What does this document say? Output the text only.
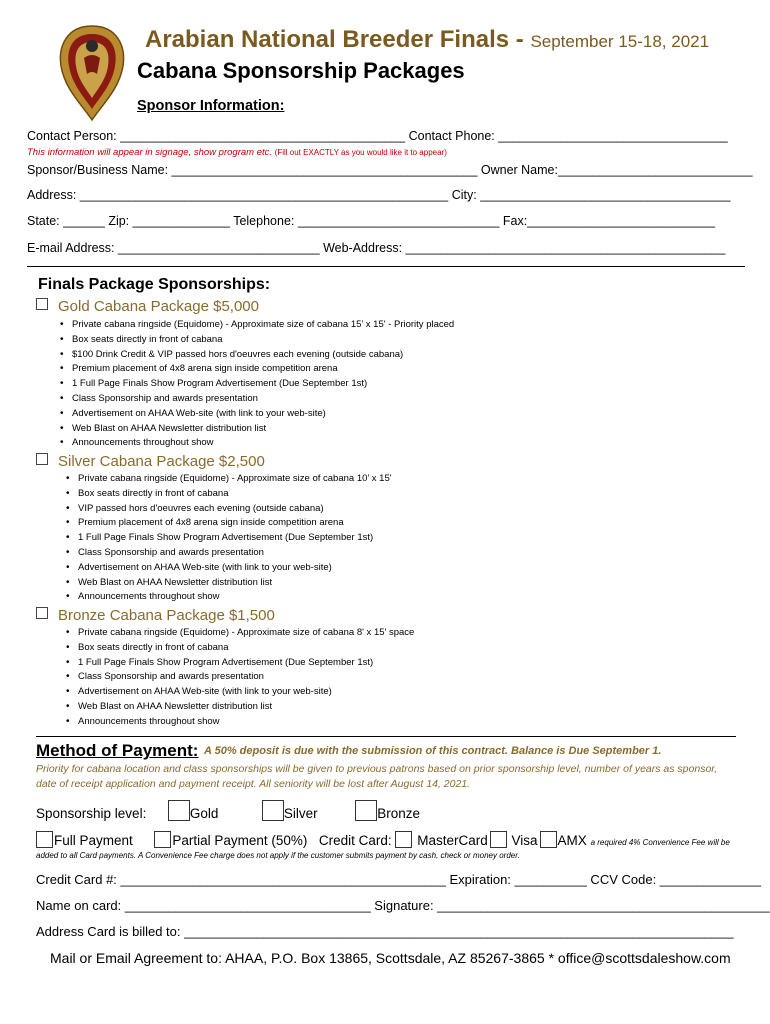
Arabian National Breeder Finals - September 15-18, 2021
Cabana Sponsorship Packages
Sponsor Information:
Contact Person: _________________________________________ Contact Phone: _________________________________
This information will appear in signage, show program etc. (Fill out EXACTLY as you would like it to appear)
Sponsor/Business Name: ____________________________________________ Owner Name:____________________________
Address: _____________________________________________________ City: ____________________________________
State: ______ Zip: ______________ Telephone: _____________________________ Fax:___________________________
E-mail Address: _____________________________ Web-Address: ______________________________________________
Finals Package Sponsorships:
Gold Cabana Package $5,000
• Private cabana ringside (Equidome) - Approximate size of cabana 15’ x 15' - Priority placed
• Box seats directly in front of cabana
• $100 Drink Credit & VIP passed hors d'oeuvres each evening (outside cabana)
• Premium placement of 4x8 arena sign inside competition arena
• 1 Full Page Finals Show Program Advertisement (Due September 1st)
• Class Sponsorship and awards presentation
• Advertisement on AHAA Web-site (with link to your web-site)
• Web Blast on AHAA Newsletter distribution list
• Announcements throughout show
Silver Cabana Package $2,500
• Private cabana ringside (Equidome) - Approximate size of cabana 10’ x 15'
• Box seats directly in front of cabana
• VIP passed hors d'oeuvres each evening (outside cabana)
• Premium placement of 4x8 arena sign inside competition arena
• 1 Full Page Finals Show Program Advertisement (Due September 1st)
• Class Sponsorship and awards presentation
• Advertisement on AHAA Web-site (with link to your web-site)
• Web Blast on AHAA Newsletter distribution list
• Announcements throughout show
Bronze Cabana Package $1,500
• Private cabana ringside (Equidome) - Approximate size of cabana 8' x 15' space
• Box seats directly in front of cabana
• 1 Full Page Finals Show Program Advertisement (Due September 1st)
• Class Sponsorship and awards presentation
• Advertisement on AHAA Web-site (with link to your web-site)
• Web Blast on AHAA Newsletter distribution list
• Announcements throughout show
Method of Payment: A 50% deposit is due with the submission of this contract. Balance is Due September 1.
Priority for cabana location and class sponsorships will be given to previous patrons based on prior sponsorship level, number of years as sponsor, date of receipt application and payment receipt. All seniority will be lost after August 14, 2021.
Sponsorship level:	Gold	Silver	Bronze
Full Payment	Partial Payment (50%) Credit Card: MasterCard Visa AMX a required 4% Convenience Fee will be
added to all Card payments. A Convenience Fee charge does not apply if the customer submits payment by cash, check or money order.
Credit Card #: _____________________________________________ Expiration: __________ CCV Code: ______________
Name on card: __________________________________ Signature: ______________________________________________
Address Card is billed to: ____________________________________________________________________________
Mail or Email Agreement to: AHAA, P.O. Box 13865, Scottsdale, AZ 85267-3865 * office@scottsdaleshow.com
